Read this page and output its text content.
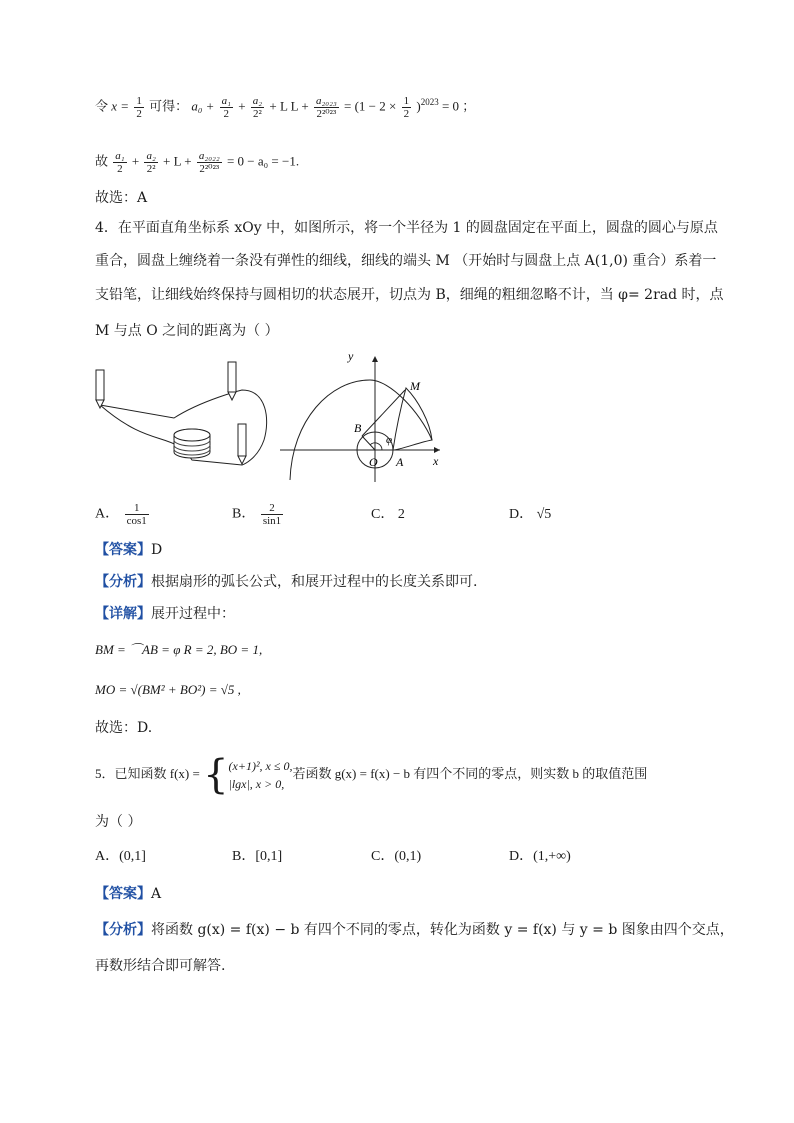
令 $x = \frac{1}{2}$ 可得： $a_0 + \frac{\text{a₁}}{2} + \frac{\text{a₂}}{\text{2²}} + L$ $L + \frac{\text{a₂₀₂₃}}{\text{2²⁰²³}} = (1 - 2 \times \frac{1}{2} )^{2023} = 0$ ；
故 $\frac{\text{a₁}}{2} + \frac{\text{a₂}}{\text{2²}} + L + \frac{\text{a₂₀₂₂}}{\text{2²⁰²³}} = 0 - a_0 = -1$.
故选：A
4．在平面直角坐标系 xOy 中，如图所示，将一个半径为 1 的圆盘固定在平面上，圆盘的圆心与原点
重合，圆盘上缠绕着一条没有弹性的细线，细线的端头 M （开始时与圆盘上点 A(1,0) 重合）系着一
支铅笔，让细线始终保持与圆相切的状态展开，切点为 B，细绳的粗细忽略不计，当 φ= 2rad 时，点
M 与点 O 之间的距离为（ ）
y
x
M
B
O A
φ
A． $\frac{1}{\cos 1}$	B． $\frac{2}{\sin 1}$	C． 2	D． √5
【答案】D
【分析】根据扇形的弧长公式，和展开过程中的长度关系即可.
【详解】展开过程中：
BM = ⌒AB = φ R = 2, BO = 1,
MO = √(BM² + BO²) = √5 ,
故选：D.
5．已知函数 f(x) = { (x+1)², x ≤ 0,
|lgx|, x > 0,
若函数 g(x) = f(x) − b 有四个不同的零点，则实数 b 的取值范围
为（ ）
A．(0,1]	B．[0,1]	C．(0,1)	D．(1,+∞)
【答案】A
【分析】将函数 g(x) = f(x) − b 有四个不同的零点，转化为函数 y = f(x) 与 y = b 图象由四个交点，
再数形结合即可解答.
